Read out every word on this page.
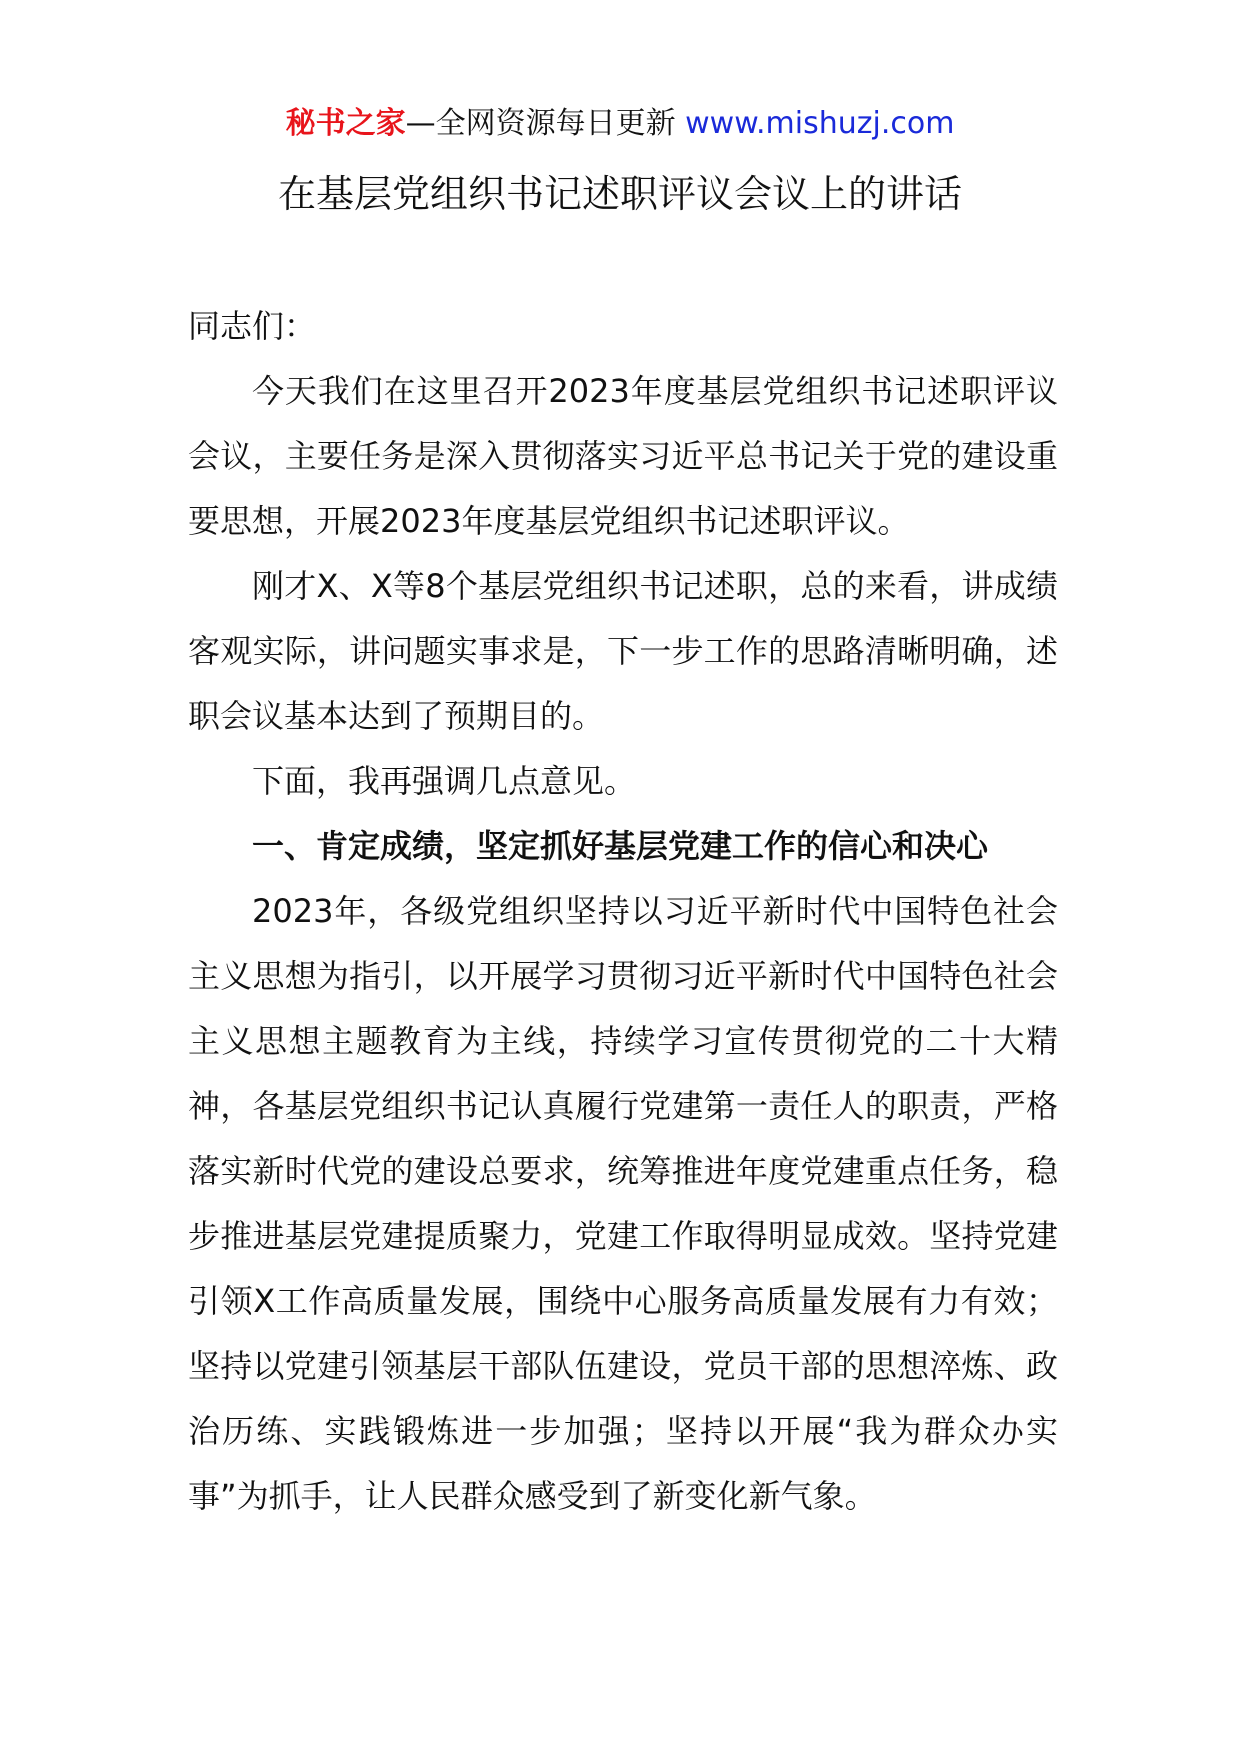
秘书之家—全网资源每日更新 www.mishuzj.com
在基层党组织书记述职评议会议上的讲话

同志们：

今天我们在这里召开2023年度基层党组织书记述职评议会议，主要任务是深入贯彻落实习近平总书记关于党的建设重要思想，开展2023年度基层党组织书记述职评议。

刚才X、X等8个基层党组织书记述职，总的来看，讲成绩客观实际，讲问题实事求是，下一步工作的思路清晰明确，述职会议基本达到了预期目的。

下面，我再强调几点意见。

一、肯定成绩，坚定抓好基层党建工作的信心和决心

2023年，各级党组织坚持以习近平新时代中国特色社会主义思想为指引，以开展学习贯彻习近平新时代中国特色社会主义思想主题教育为主线，持续学习宣传贯彻党的二十大精神，各基层党组织书记认真履行党建第一责任人的职责，严格落实新时代党的建设总要求，统筹推进年度党建重点任务，稳步推进基层党建提质聚力，党建工作取得明显成效。坚持党建引领X工作高质量发展，围绕中心服务高质量发展有力有效；坚持以党建引领基层干部队伍建设，党员干部的思想淬炼、政治历练、实践锻炼进一步加强；坚持以开展“我为群众办实事”为抓手，让人民群众感受到了新变化新气象。
